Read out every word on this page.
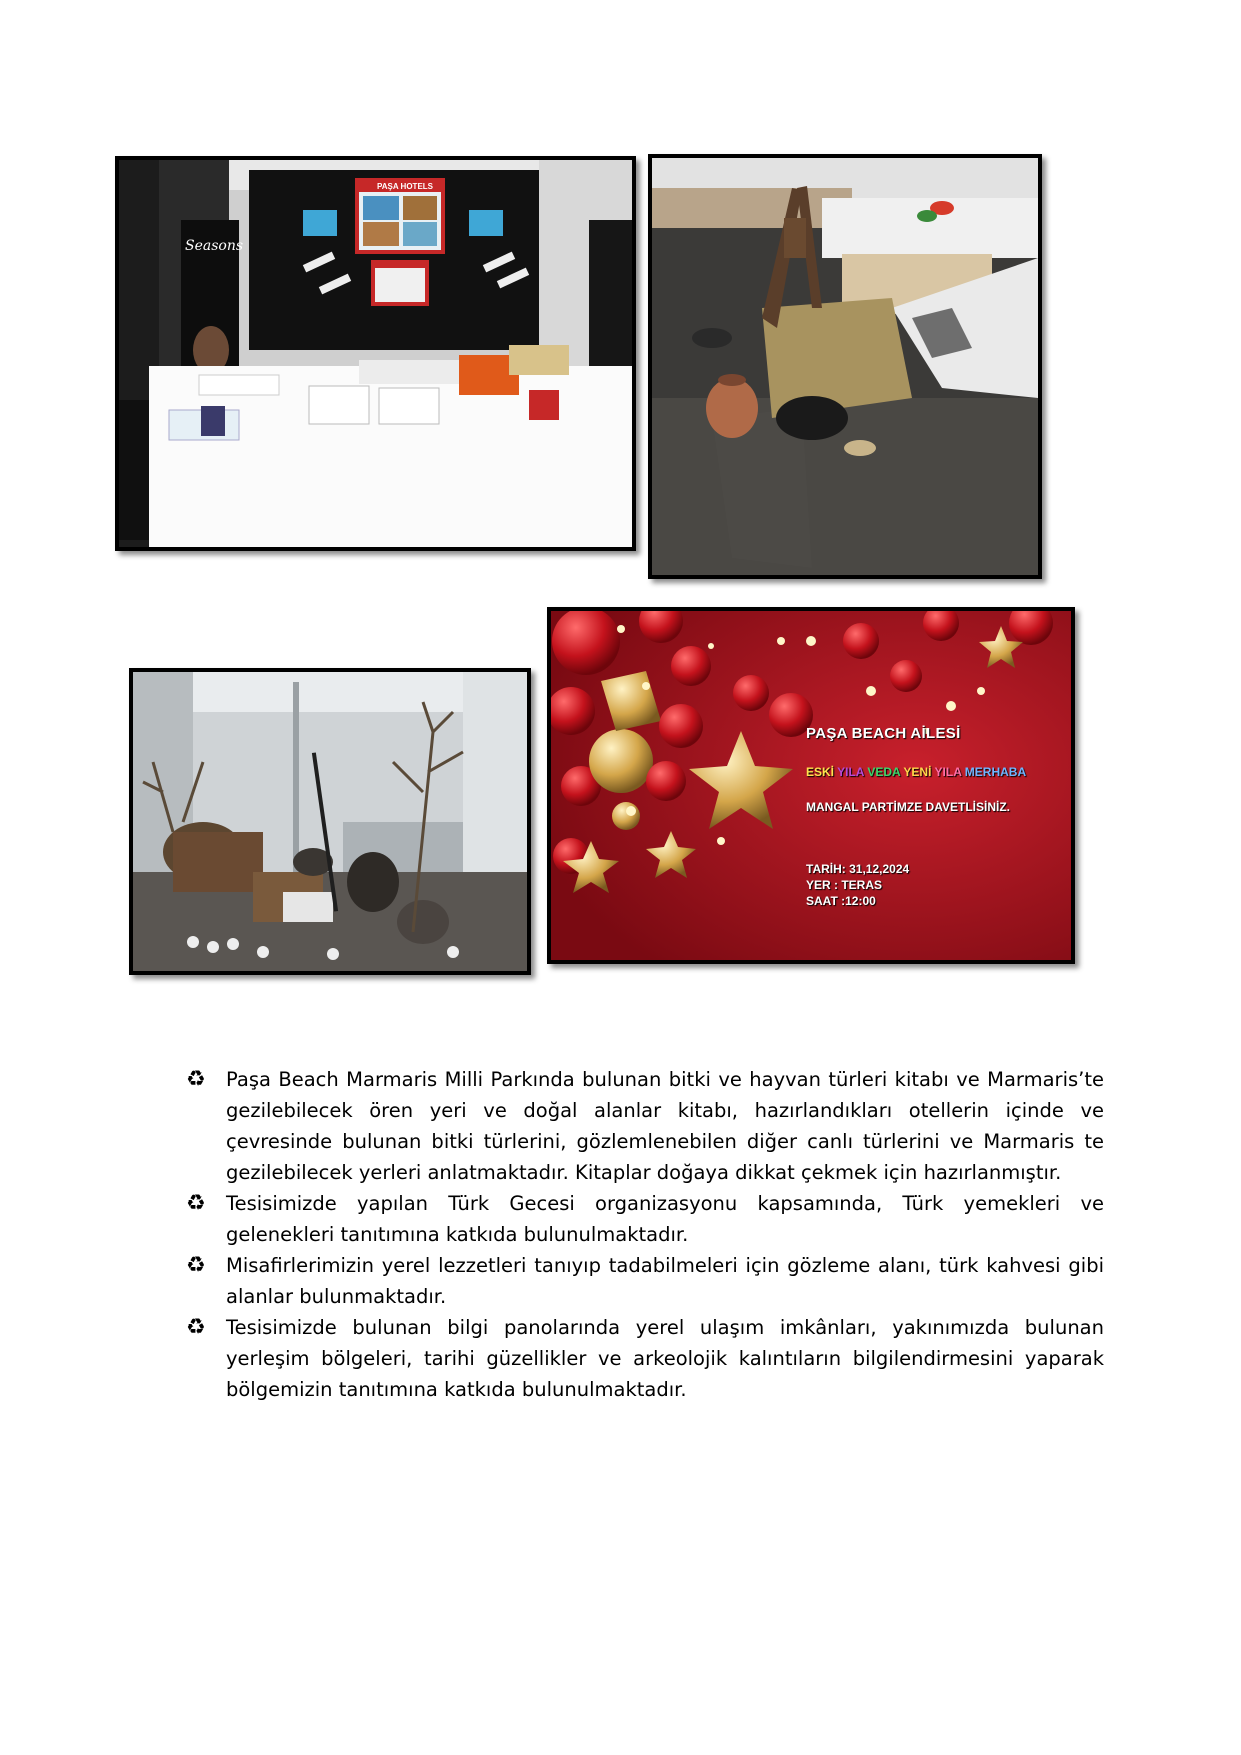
PAŞA HOTELS
Seasons
PAŞA BEACH AİLESİ
ESKİ YILA VEDA YENİ YILA MERHABA
MANGAL PARTİMZE DAVETLİSİNİZ.
TARİH: 31,12,2024
YER : TERAS
SAAT :12:00
♻	Paşa Beach Marmaris Milli Parkında bulunan bitki ve hayvan türleri kitabı ve Marmaris’te gezilebilecek ören yeri ve doğal alanlar kitabı, hazırlandıkları otellerin içinde ve çevresinde bulunan bitki türlerini, gözlemlenebilen diğer canlı türlerini ve Marmaris te gezilebilecek yerleri anlatmaktadır. Kitaplar doğaya dikkat çekmek için hazırlanmıştır.
♻	Tesisimizde yapılan Türk Gecesi organizasyonu kapsamında, Türk yemekleri ve gelenekleri tanıtımına katkıda bulunulmaktadır.
♻	Misafirlerimizin yerel lezzetleri tanıyıp tadabilmeleri için gözleme alanı, türk kahvesi gibi alanlar bulunmaktadır.
♻	Tesisimizde bulunan bilgi panolarında yerel ulaşım imkânları, yakınımızda bulunan yerleşim bölgeleri, tarihi güzellikler ve arkeolojik kalıntıların bilgilendirmesini yaparak bölgemizin tanıtımına katkıda bulunulmaktadır.
